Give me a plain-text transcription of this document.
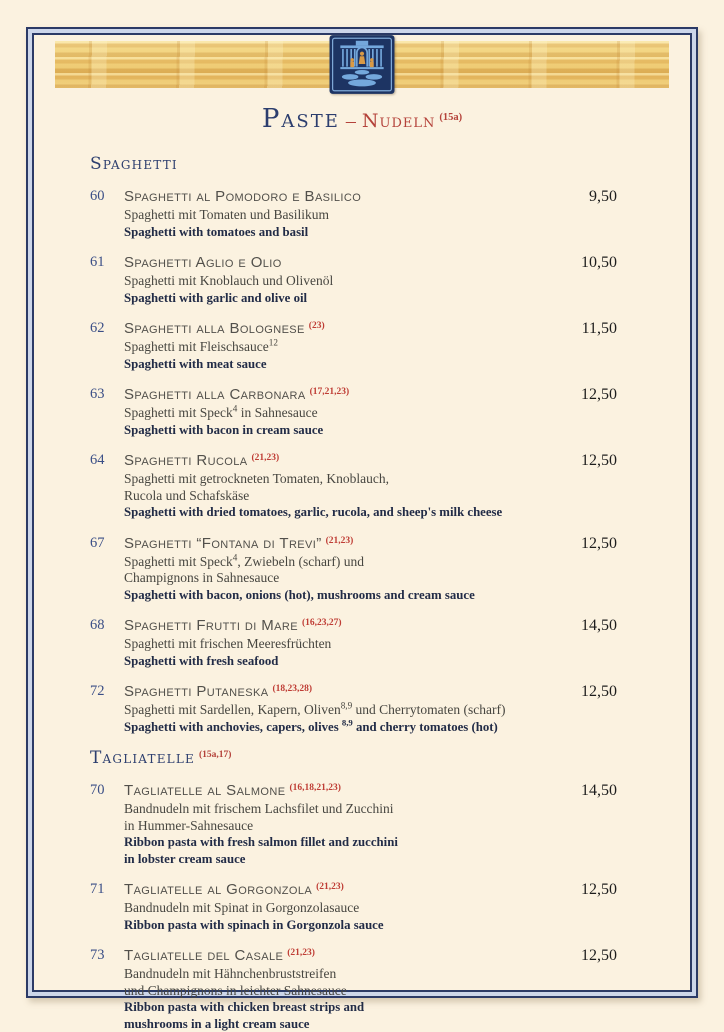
Paste – Nudeln $^{(15a)}$
Spaghetti
60	Spaghetti al Pomodoro e Basilico
Spaghetti mit Tomaten und Basilikum
Spaghetti with tomatoes and basil
9,50
61	Spaghetti Aglio e Olio
Spaghetti mit Knoblauch und Olivenöl
Spaghetti with garlic and olive oil
10,50
62	Spaghetti alla Bolognese $^{(23)}$
Spaghetti mit Fleischsauce$^{12}$
Spaghetti with meat sauce
11,50
63	Spaghetti alla Carbonara $^{(17,21,23)}$
Spaghetti mit Speck$^4$ in Sahnesauce
Spaghetti with bacon in cream sauce
12,50
64	Spaghetti Rucola $^{(21,23)}$
Spaghetti mit getrockneten Tomaten, Knoblauch,
Rucola und Schafskäse
Spaghetti with dried tomatoes, garlic, rucola, and sheep's milk cheese
12,50
67	Spaghetti “Fontana di Trevi” $^{(21,23)}$
Spaghetti mit Speck$^4$, Zwiebeln (scharf) und
Champignons in Sahnesauce
Spaghetti with bacon, onions (hot), mushrooms and cream sauce
12,50
68	Spaghetti Frutti di Mare $^{(16,23,27)}$
Spaghetti mit frischen Meeresfrüchten
Spaghetti with fresh seafood
14,50
72	Spaghetti Putaneska $^{(18,23,28)}$
Spaghetti mit Sardellen, Kapern, Oliven$^{8,9}$ und Cherrytomaten (scharf)
Spaghetti with anchovies, capers, olives $^{8,9}$ and cherry tomatoes (hot)
12,50
Tagliatelle $^{(15a,17)}$
70	Tagliatelle al Salmone $^{(16,18,21,23)}$
Bandnudeln mit frischem Lachsfilet und Zucchini
in Hummer-Sahnesauce
Ribbon pasta with fresh salmon fillet and zucchini
in lobster cream sauce
14,50
71	Tagliatelle al Gorgonzola $^{(21,23)}$
Bandnudeln mit Spinat in Gorgonzolasauce
Ribbon pasta with spinach in Gorgonzola sauce
12,50
73	Tagliatelle del Casale $^{(21,23)}$
Bandnudeln mit Hähnchenbruststreifen
und Champignons in leichter Sahnesauce
Ribbon pasta with chicken breast strips and
mushrooms in a light cream sauce
12,50
